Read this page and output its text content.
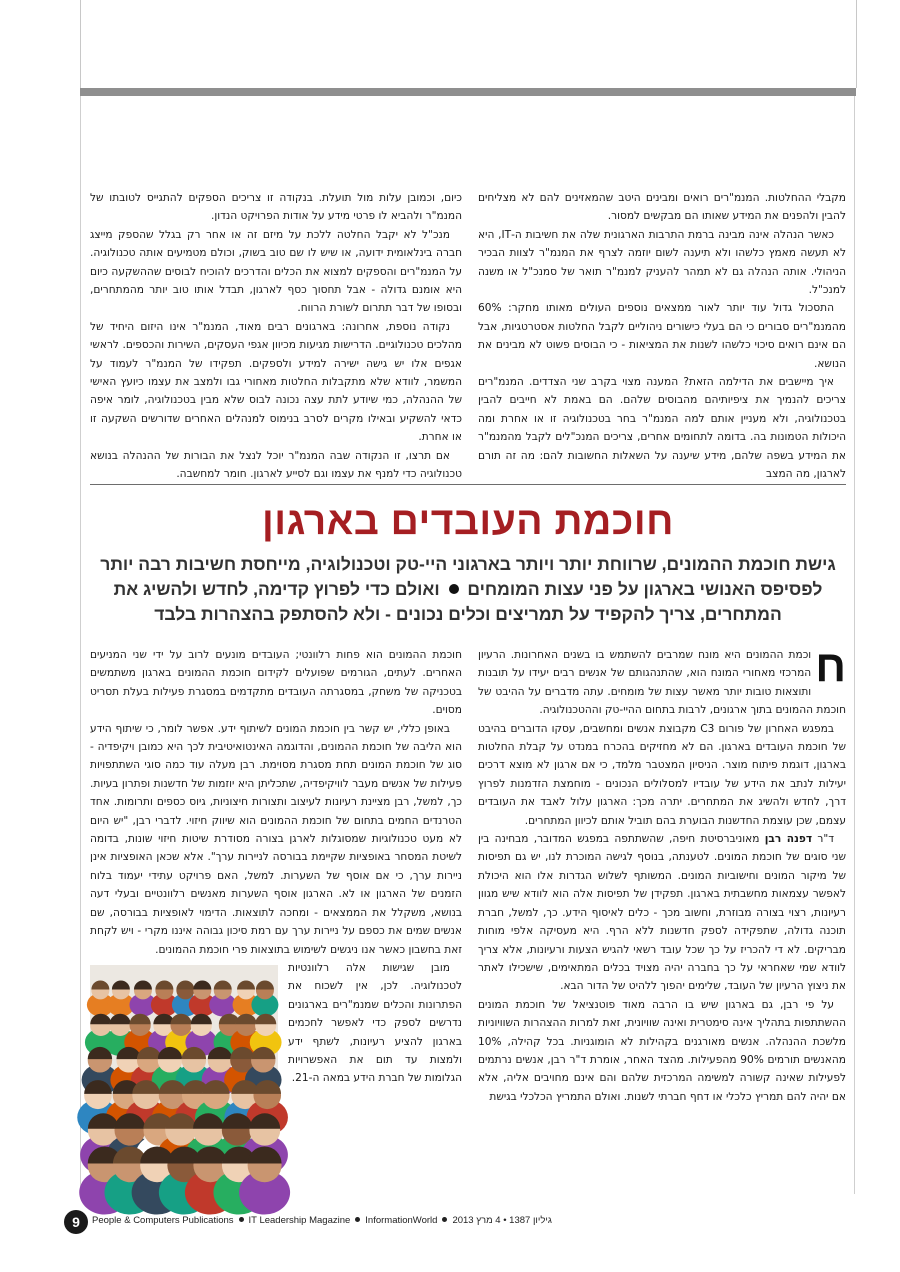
מקבלי ההחלטות. המנמ"רים רואים ומבינים היטב שהמאזינים להם לא מצליחים להבין ולהפנים את המידע שאותו הם מבקשים למסור.

כאשר הנהלה אינה מבינה ברמת התרבות הארגונית שלה את חשיבות ה-IT, היא לא תעשה מאמץ כלשהו ולא תיענה לשום יוזמה לצרף את המנמ"ר לצוות הבכיר הניהולי. אותה הנהלה גם לא תמהר להעניק למנמ"ר תואר של סמנכ"ל או משנה למנכ"ל.

התסכול גדול עוד יותר לאור ממצאים נוספים העולים מאותו מחקר: 60% מהמנמ"רים סבורים כי הם בעלי כישורים ניהוליים לקבל החלטות אסטרטגיות, אבל הם אינם רואים סיכוי כלשהו לשנות את המציאות - כי הבוסים פשוט לא מבינים את הנושא.

איך מיישבים את הדילמה הזאת? המענה מצוי בקרב שני הצדדים. המנמ"רים צריכים להנמיך את ציפיותיהם מהבוסים שלהם. הם באמת לא חייבים להבין בטכנולוגיה, ולא מעניין אותם למה המנמ"ר בחר בטכנולוגיה זו או אחרת ומה היכולות הטמונות בה. בדומה לתחומים אחרים, צריכים המנכ"לים לקבל מהמנמ"ר את המידע בשפה שלהם, מידע שיענה על השאלות החשובות להם: מה זה תורם לארגון, מה המצב

כיום, וכמובן עלות מול תועלת. בנקודה זו צריכים הספקים להתגייס לטובתו של המנמ"ר ולהביא לו פרטי מידע על אודות הפרויקט הנדון.

מנכ"ל לא יקבל החלטה ללכת על מיזם זה או אחר רק בגלל שהספק מייצג חברה בינלאומית ידועה, או שיש לו שם טוב בשוק, וכולם מטמיעים אותה טכנולוגיה. על המנמ"רים והספקים למצוא את הכלים והדרכים להוכיח לבוסים שההשקעה כיום היא אומנם גדולה - אבל תחסוך כסף לארגון, תבדל אותו טוב יותר מהמתחרים, ובסופו של דבר תתרום לשורת הרווח.

נקודה נוספת, אחרונה: בארגונים רבים מאוד, המנמ"ר אינו היזום היחיד של מהלכים טכנולוגיים. הדרישות מגיעות מכיוון אגפי העסקים, השירות והכספים. לראשי אגפים אלו יש גישה ישירה למידע ולספקים. תפקידו של המנמ"ר לעמוד על המשמר, לוודא שלא מתקבלות החלטות מאחורי גבו ולמצב את עצמו כיועץ האישי של ההנהלה, כמי שיודע לתת עצה נכונה לבוס שלא מבין בטכנולוגיה, לומר איפה כדאי להשקיע ובאילו מקרים לסרב בנימוס למנהלים האחרים שדורשים השקעה זו או אחרת.

אם תרצו, זו הנקודה שבה המנמ"ר יוכל לנצל את הבורות של ההנהלה בנושא טכנולוגיה כדי למנף את עצמו וגם לסייע לארגון. חומר למחשבה.

חוכמת העובדים בארגון
גישת חוכמת ההמונים, שרווחת יותר ויותר בארגוני היי-טק וטכנולוגיה, מייחסת חשיבות רבה יותר
לפסיפס האנושי בארגון על פני עצות המומחים  ואולם כדי לפרוץ קדימה, לחדש ולהשיג את
המתחרים, צריך להקפיד על תמריצים וכלים נכונים - ולא להסתפק בהצהרות בלבד

ח
וכמת ההמונים היא מונח שמרבים להשתמש בו בשנים האחרונות. הרעיון המרכזי מאחורי המונח הוא, שהתנהגותם של אנשים רבים יעידו על תובנות ותוצאות טובות יותר מאשר עצות של מומחים. עתה מדברים על ההיבט של חוכמת ההמונים בתוך ארגונים, לרבות בתחום ההיי-טק וההטכנולוגיה.

במפגש האחרון של פורום C3 מקבוצת אנשים ומחשבים, עסקו הדוברים בהיבט של חוכמת העובדים בארגון. הם לא מחזיקים בהכרח במנדט על קבלת החלטות בארגון, דוגמת פיתוח מוצר. הניסיון המצטבר מלמד, כי אם ארגון לא מוצא דרכים יעילות לנתב את הידע של עובדיו למסלולים הנכונים - מוחמצת הזדמנות לפרוץ דרך, לחדש ולהשיג את המתחרים. יתרה מכך: הארגון עלול לאבד את העובדים עצמם, שכן עוצמת החדשנות הבוערת בהם תוביל אותם לכיוון המתחרים.

ד"ר דפנה רבן מאוניברסיטת חיפה, שהשתתפה במפגש המדובר, מבחינה בין שני סוגים של חוכמת המונים. לטענתה, בנוסף לגישה המוכרת לנו, יש גם תפיסות של מיקור המונים וחישוביות המונים. המשותף לשלוש הגדרות אלו הוא היכולת לאפשר עצמאות מחשבתית בארגון. תפקידן של תפיסות אלה הוא לוודא שיש מגוון רעיונות, רצוי בצורה מבוזרת, וחשוב מכך - כלים לאיסוף הידע. כך, למשל, חברת תוכנה גדולה, שתפקידה לספק חדשנות ללא הרף. היא מעסיקה אלפי מוחות מבריקים. לא די להכריז על כך שכל עובד רשאי להגיש הצעות ורעיונות, אלא צריך לוודא שמי שאחראי על כך בחברה יהיה מצויד בכלים המתאימים, שישכילו לאתר את ניצוץ הרעיון של העובד, שלימים יהפוך ללהיט של הדור הבא.

על פי רבן, גם בארגון שיש בו הרבה מאוד פוטנציאל של חוכמת המונים ההשתתפות בתהליך אינה סימטרית ואינה שוויונית, זאת למרות ההצהרות השוויוניות מלשכת ההנהלה. אנשים מאורגנים בקהילות לא הומוגניות. בכל קהילה, 10% מהאנשים תורמים 90% מהפעילות. מהצד האחר, אומרת ד"ר רבן, אנשים נרתמים לפעילות שאינה קשורה למשימה המרכזית שלהם והם אינם מחויבים אליה, אלא אם יהיה להם תמריץ כלכלי או דחף חברתי לשנות. ואולם התמריץ הכלכלי בגישת

חוכמת ההמונים הוא פחות רלוונטי; העובדים מונעים לרוב על ידי שני המניעים האחרים. לעתים, הגורמים שפועלים לקידום חוכמת ההמונים בארגון משתמשים בטכניקה של משחק, במסגרתה העובדים מתקדמים במסגרת פעילות בעלת תסריט מסוים.

באופן כללי, יש קשר בין חוכמת המונים לשיתוף ידע. אפשר לומר, כי שיתוף הידע הוא הליבה של חוכמת ההמונים, והדוגמה האינטואיטיבית לכך היא כמובן ויקיפדיה - סוג של חוכמת המונים תחת מסגרת מסוימת. רבן מעלה עוד כמה סוגי השתתפויות פעילות של אנשים מעבר לוויקיפדיה, שתכליתן היא יוזמות של חדשנות ופתרון בעיות. כך, למשל, רבן מציינת רעיונות לעיצוב ותצורות חיצוניות, גיוס כספים ותרומות. אחד הטרנדים החמים בתחום של חוכמת ההמונים הוא שיווק חיזוי. לדברי רבן, "יש היום לא מעט טכנולוגיות שמסוגלות לארגן בצורה מסודרת שיטות חיזוי שונות, בדומה לשיטת המסחר באופציות שקיימת בבורסה לניירות ערך". אלא שכאן האופציות אינן ניירות ערך, כי אם אוסף של השערות. למשל, האם פרויקט עתידי יעמוד בלוח הזמנים של הארגון או לא. הארגון אוסף השערות מאנשים רלוונטיים ובעלי דעה בנושא, משקלל את הממצאים - ומחכה לתוצאות. הדימוי לאופציות בבורסה, שם אנשים שמים את כספם על ניירות ערך עם רמת סיכון גבוהה איננו מקרי - ויש לקחת זאת בחשבון כאשר אנו ניגשים לשימוש בתוצאות פרי חוכמת ההמונים.

מובן שגישות אלה רלוונטיות לטכנולוגיה. לכן, אין לשכוח את הפתרונות והכלים שמנמ"רים בארגונים נדרשים לספק כדי לאפשר לחכמים בארגון להציע רעיונות, לשתף ידע ולמצות עד תום את האפשרויות הגלומות של חברת הידע במאה ה-21.

9	People & Computers Publications IT Leadership Magazine InformationWorld גיליון 1387 • 4 מרץ 2013
